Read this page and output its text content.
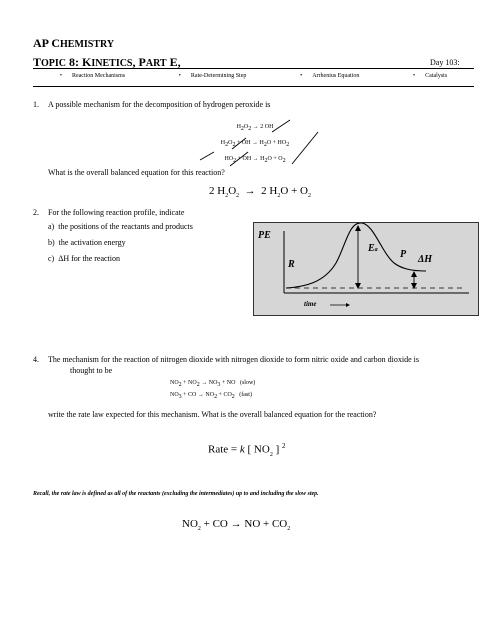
AP CHEMISTRY
TOPIC 8: KINETICS, PART E,	Day 103:
• Reaction Mechanisms	• Rate-Determining Step	• Arrhenius Equation	• Catalysts
1. A possible mechanism for the decomposition of hydrogen peroxide is
$H_2O_2 \to 2$ OH
$H_2O_2$ + OH → $H_2O + HO_2$
$HO_2$ + OH → $H_2O + O_2$
What is the overall balanced equation for this reaction?
2 $H_2O_2 \to 2$ $H_2O + O_2$
2. For the following reaction profile, indicate
a) the positions of the reactants and products
b) the activation energy
c) ΔH for the reaction
PE
R
P
Ea
ΔH
time
4. The mechanism for the reaction of nitrogen dioxide with nitrogen dioxide to form nitric oxide and carbon dioxide is
thought to be
$NO_2 + NO_2 \to NO_3$ + NO   (slow)
$NO_3$ + CO → $NO_2 + CO_2$   (fast)
write the rate law expected for this mechanism. What is the overall balanced equation for the reaction?
Rate = k [ $NO_2$ ] $^2$
Recall, the rate law is defined as all of the reactants (excluding the intermediates) up to and including the slow step.
$NO_2$ + CO → NO + $CO_2$
